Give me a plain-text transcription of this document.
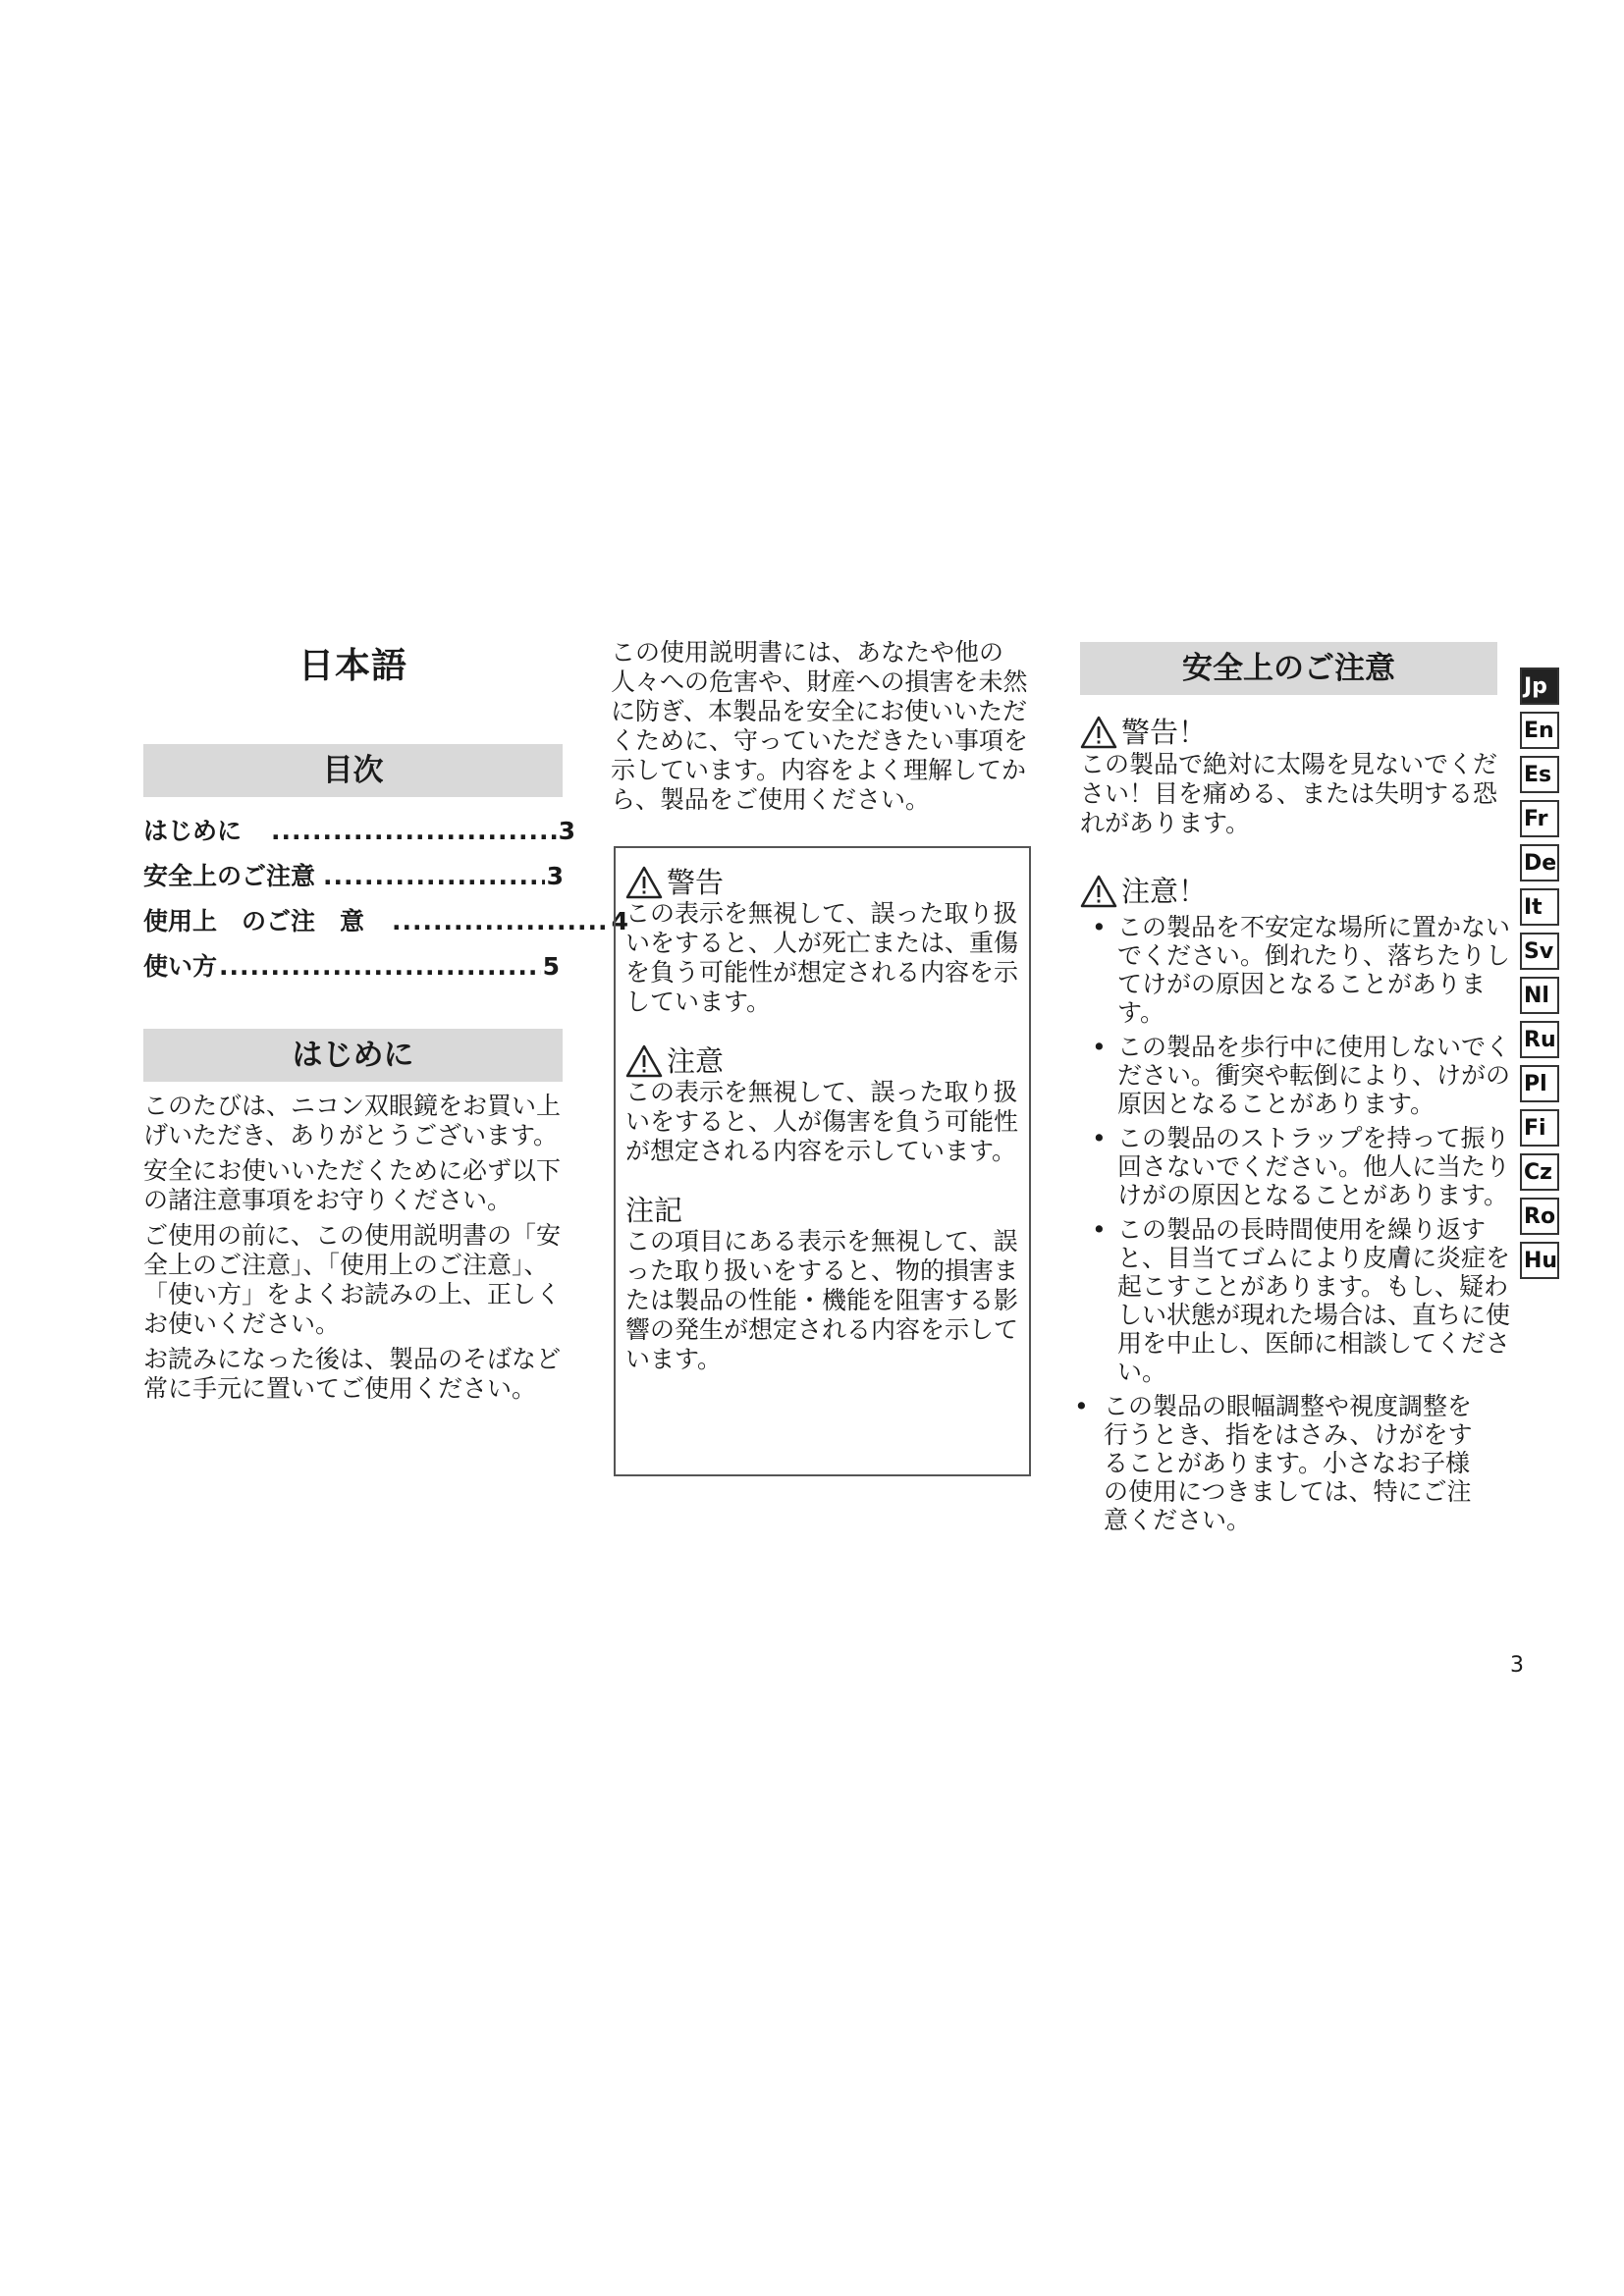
日本語
目次
はじめに .....	3
安全上のご注意 .....	3
使用上　のご注　意 .....	4
使い方 .....	5
はじめに

このたびは、ニコン双眼鏡をお買い上げいただき、ありがとうございます。

安全にお使いいただくために必ず以下の諸注意事項をお守りください。

ご使用の前に、この使用説明書の「安全上のご注意」、「使用上のご注意」、「使い方」をよくお読みの上、正しくお使いください。

お読みになった後は、製品のそばなど常に手元に置いてご使用ください。

この使用説明書には、あなたや他の人々への危害や、財産への損害を未然に防ぎ、本製品を安全にお使いいただくために、守っていただきたい事項を示しています。内容をよく理解してから、製品をご使用ください。

警告

この表示を無視して、誤った取り扱いをすると、人が死亡または、重傷を負う可能性が想定される内容を示しています。

注意

この表示を無視して、誤った取り扱いをすると、人が傷害を負う可能性が想定される内容を示しています。

注記

この項目にある表示を無視して、誤った取り扱いをすると、物的損害または製品の性能・機能を阻害する影響の発生が想定される内容を示しています。

安全上のご注意
警告！

この製品で絶対に太陽を見ないでください！目を痛める、または失明する恐れがあります。

注意！
• この製品を不安定な場所に置かないでください。倒れたり、落ちたりしてけがの原因となることがあります。
• この製品を歩行中に使用しないでください。衝突や転倒により、けがの原因となることがあります。
• この製品のストラップを持って振り回さないでください。他人に当たりけがの原因となることがあります。
• この製品の長時間使用を繰り返すと、目当てゴムにより皮膚に炎症を起こすことがあります。もし、疑わしい状態が現れた場合は、直ちに使用を中止し、医師に相談してください。
• この製品の眼幅調整や視度調整を行うとき、指をはさみ、けがをすることがあります。小さなお子様の使用につきましては、特にご注意ください。
Jp
En
Es
Fr
De
It
Sv
Nl
Ru
Pl
Fi
Cz
Ro
Hu
3
